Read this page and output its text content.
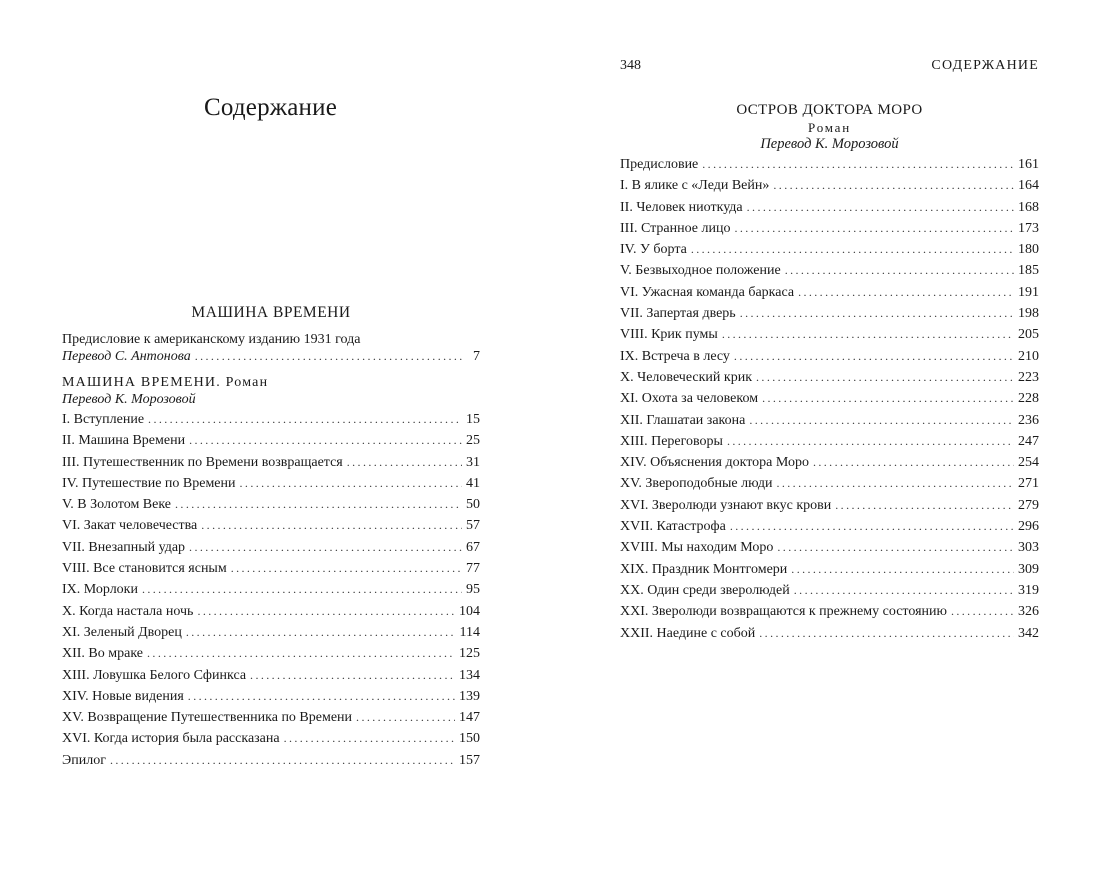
Содержание
МАШИНА ВРЕМЕНИ
Предисловие к американскому изданию 1931 года
Перевод С. Антонова .....	7
МАШИНА ВРЕМЕНИ. Роман
Перевод К. Морозовой
I. Вступление .....	15
II. Машина Времени .....	25
III. Путешественник по Времени возвращается .....	31
IV. Путешествие по Времени .....	41
V. В Золотом Веке .....	50
VI. Закат человечества .....	57
VII. Внезапный удар .....	67
VIII. Все становится ясным .....	77
IX. Морлоки .....	95
X. Когда настала ночь .....	104
XI. Зеленый Дворец .....	114
XII. Во мраке .....	125
XIII. Ловушка Белого Сфинкса .....	134
XIV. Новые видения .....	139
XV. Возвращение Путешественника по Времени .....	147
XVI. Когда история была рассказана .....	150
Эпилог .....	157
348	СОДЕРЖАНИЕ
ОСТРОВ ДОКТОРА МОРО
Роман
Перевод К. Морозовой
Предисловие .....	161
I. В ялике с «Леди Вейн» .....	164
II. Человек ниоткуда .....	168
III. Странное лицо .....	173
IV. У борта .....	180
V. Безвыходное положение .....	185
VI. Ужасная команда баркаса .....	191
VII. Запертая дверь .....	198
VIII. Крик пумы .....	205
IX. Встреча в лесу .....	210
X. Человеческий крик .....	223
XI. Охота за человеком .....	228
XII. Глашатаи закона .....	236
XIII. Переговоры .....	247
XIV. Объяснения доктора Моро .....	254
XV. Звероподобные люди .....	271
XVI. Зверолюди узнают вкус крови .....	279
XVII. Катастрофа .....	296
XVIII. Мы находим Моро .....	303
XIX. Праздник Монтгомери .....	309
XX. Один среди зверолюдей .....	319
XXI. Зверолюди возвращаются к прежнему состоянию .....	326
XXII. Наедине с собой .....	342
